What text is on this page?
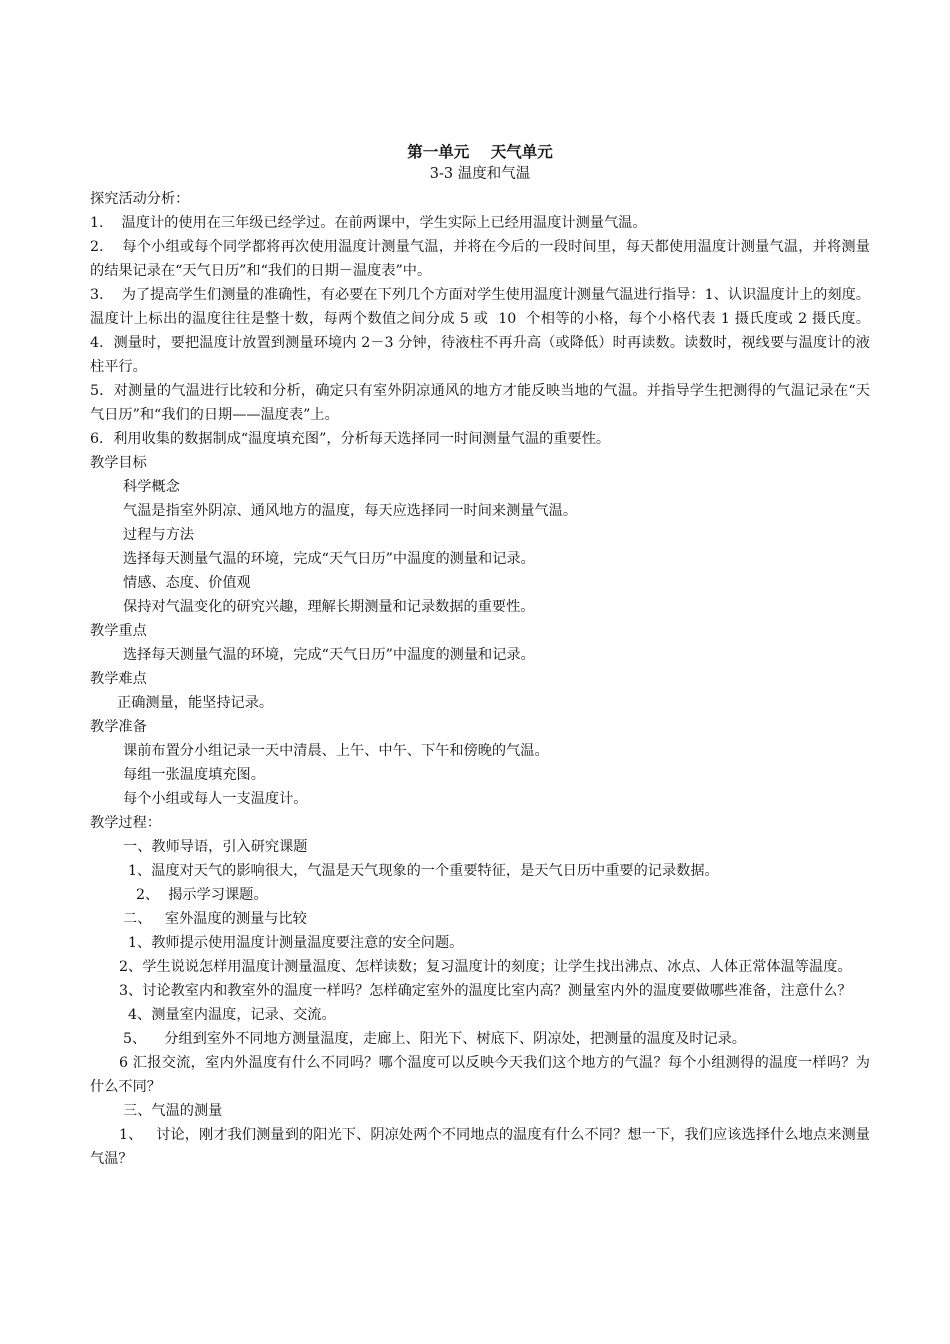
第一单元    天气单元
3-3 温度和气温
探究活动分析：

1.    温度计的使用在三年级已经学过。在前两课中，学生实际上已经用温度计测量气温。

2.    每个小组或每个同学都将再次使用温度计测量气温，并将在今后的一段时间里，每天都使用温度计测量气温，并将测量的结果记录在“天气日历”和“我们的日期－温度表”中。

3.    为了提高学生们测量的准确性，有必要在下列几个方面对学生使用温度计测量气温进行指导：1、认识温度计上的刻度。温度计上标出的温度往往是整十数，每两个数值之间分成 5 或  10  个相等的小格，每个小格代表 1 摄氏度或 2 摄氏度。4．测量时，要把温度计放置到测量环境内 2－3 分钟，待液柱不再升高（或降低）时再读数。读数时，视线要与温度计的液柱平行。

5．对测量的气温进行比较和分析，确定只有室外阴凉通风的地方才能反映当地的气温。并指导学生把测得的气温记录在“天气日历”和“我们的日期——温度表”上。

6．利用收集的数据制成“温度填充图”，分析每天选择同一时间测量气温的重要性。

教学目标

科学概念

气温是指室外阴凉、通风地方的温度，每天应选择同一时间来测量气温。

过程与方法

选择每天测量气温的环境，完成“天气日历”中温度的测量和记录。

情感、态度、价值观

保持对气温变化的研究兴趣，理解长期测量和记录数据的重要性。

教学重点

选择每天测量气温的环境，完成“天气日历”中温度的测量和记录。

教学难点

正确测量，能坚持记录。

教学准备

课前布置分小组记录一天中清晨、上午、中午、下午和傍晚的气温。

每组一张温度填充图。

每个小组或每人一支温度计。

教学过程：

一、教师导语，引入研究课题

1、温度对天气的影响很大，气温是天气现象的一个重要特征，是天气日历中重要的记录数据。

2、  揭示学习课题。

二、   室外温度的测量与比较

1、教师提示使用温度计测量温度要注意的安全问题。

2、学生说说怎样用温度计测量温度、怎样读数；复习温度计的刻度；让学生找出沸点、冰点、人体正常体温等温度。

3、讨论教室内和教室外的温度一样吗？怎样确定室外的温度比室内高？测量室内外的温度要做哪些准备，注意什么？

4、测量室内温度，记录、交流。

5、    分组到室外不同地方测量温度，走廊上、阳光下、树底下、阴凉处，把测量的温度及时记录。

6 汇报交流，室内外温度有什么不同吗？哪个温度可以反映今天我们这个地方的气温？每个小组测得的温度一样吗？为什么不同？

三、气温的测量

1、   讨论，刚才我们测量到的阳光下、阴凉处两个不同地点的温度有什么不同？想一下，我们应该选择什么地点来测量气温？
